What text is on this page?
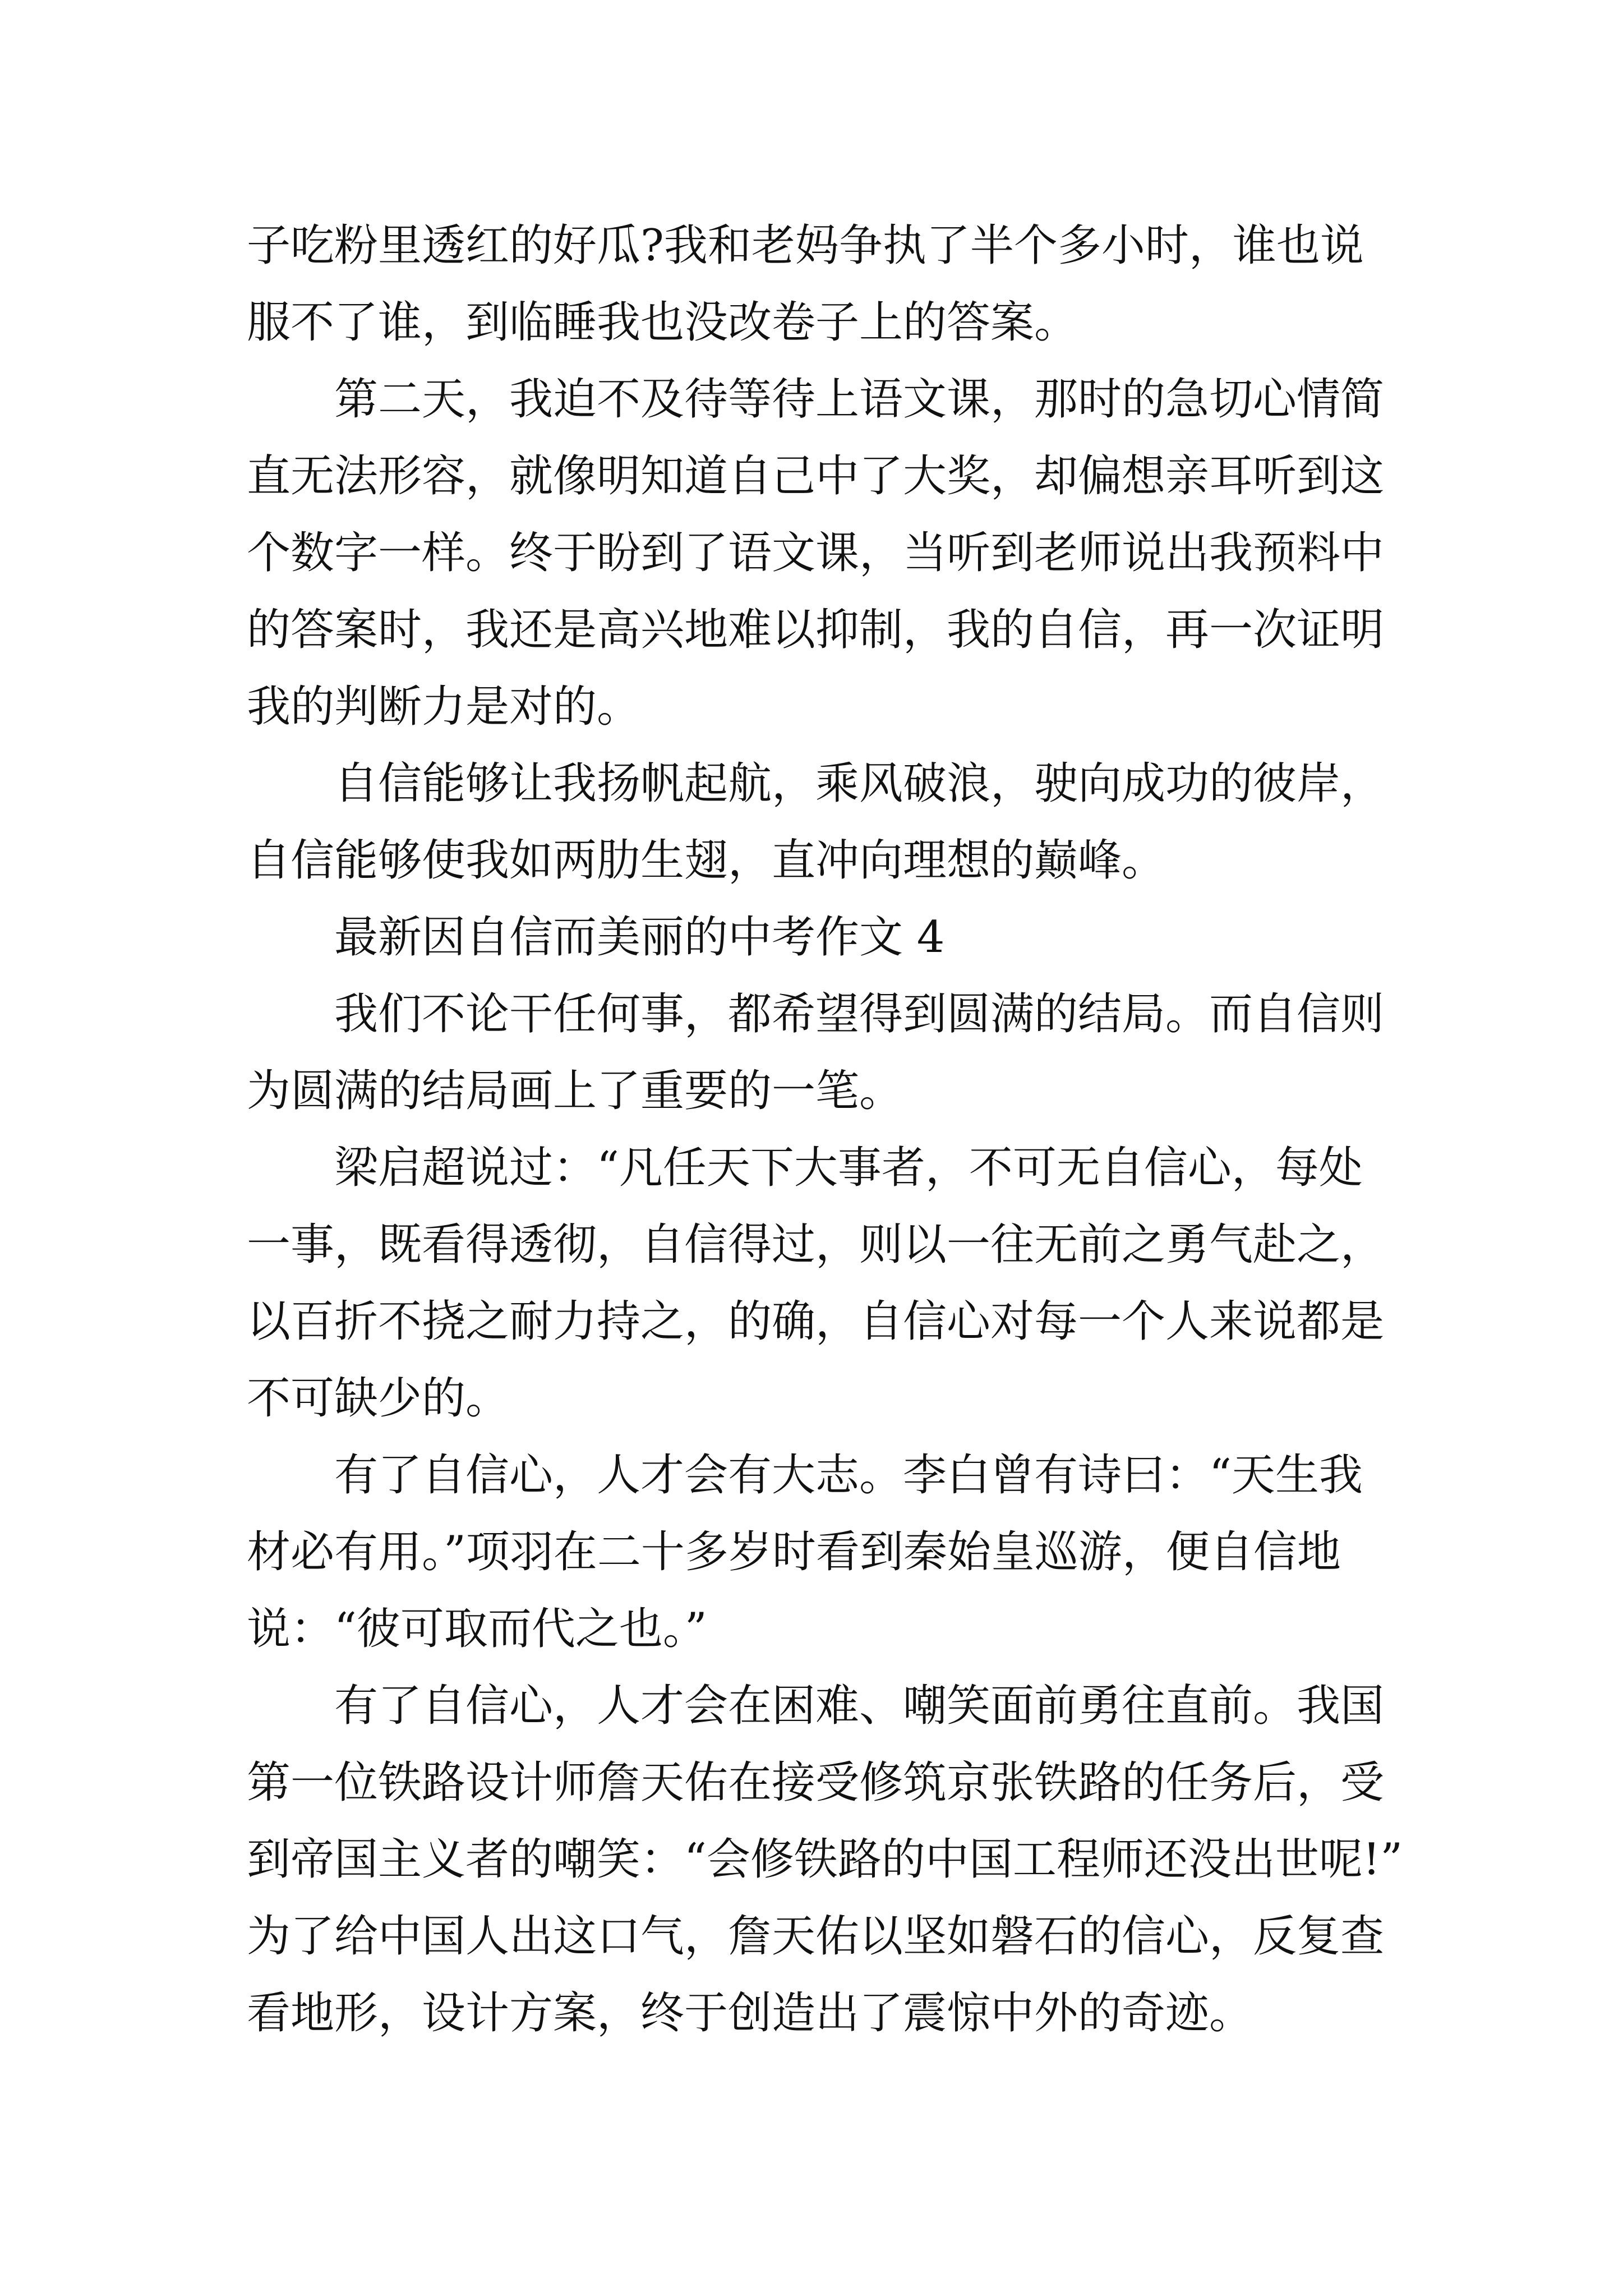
子吃粉里透红的好瓜?我和老妈争执了半个多小时，谁也说
服不了谁，到临睡我也没改卷子上的答案。
第二天，我迫不及待等待上语文课，那时的急切心情简
直无法形容，就像明知道自己中了大奖，却偏想亲耳听到这
个数字一样。终于盼到了语文课，当听到老师说出我预料中
的答案时，我还是高兴地难以抑制，我的自信，再一次证明
我的判断力是对的。
自信能够让我扬帆起航，乘风破浪，驶向成功的彼岸，
自信能够使我如两肋生翅，直冲向理想的巅峰。
最新因自信而美丽的中考作文 4
我们不论干任何事，都希望得到圆满的结局。而自信则
为圆满的结局画上了重要的一笔。
梁启超说过：“凡任天下大事者，不可无自信心，每处
一事，既看得透彻，自信得过，则以一往无前之勇气赴之，
以百折不挠之耐力持之，的确，自信心对每一个人来说都是
不可缺少的。
有了自信心，人才会有大志。李白曾有诗曰：“天生我
材必有用。”项羽在二十多岁时看到秦始皇巡游，便自信地
说：“彼可取而代之也。”
有了自信心，人才会在困难、嘲笑面前勇往直前。我国
第一位铁路设计师詹天佑在接受修筑京张铁路的任务后，受
到帝国主义者的嘲笑：“会修铁路的中国工程师还没出世呢!”
为了给中国人出这口气，詹天佑以坚如磐石的信心，反复查
看地形，设计方案，终于创造出了震惊中外的奇迹。
